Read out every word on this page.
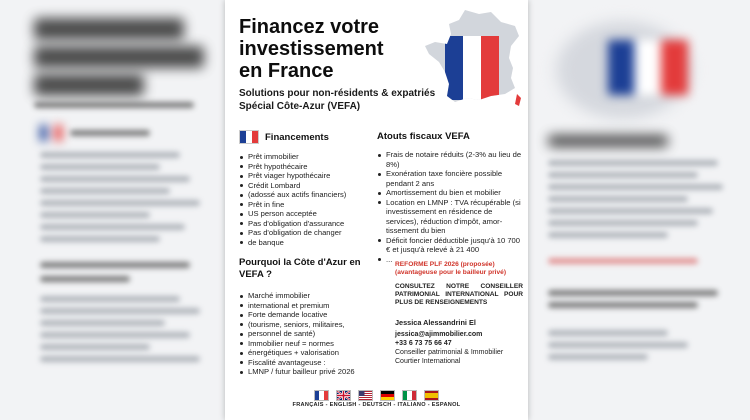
Financez votre
investissement
en France
Solutions pour non-résidents & expatriés
Spécial Côte-Azur (VEFA)
Financements
Prêt immobilier
Prêt hypothécaire
Prêt viager hypothécaire
Crédit Lombard
(adossé aux actifs financiers)
Prêt in fine
US person acceptée
Pas d'obligation d'assurance
Pas d'obligation de changer
de banque
Atouts fiscaux VEFA
Frais de notaire réduits (2-3% au lieu de 8%)
Exonération taxe foncière possible pendant 2 ans
Amortissement du bien et mobilier
Location en LMNP : TVA récupérable (si investissement en résidence de services), réduction d'impôt, amor-tissement du bien
Déficit foncier déductible jusqu'à 10 700 € et jusqu'à relevé à 21 400
...
Pourquoi la Côte d'Azur en VEFA ?
Marché immobilier
international et premium
Forte demande locative
(tourisme, seniors, militaires,
personnel de santé)
Immobilier neuf = normes
énergétiques + valorisation
Fiscalité avantageuse :
LMNP / futur bailleur privé 2026
REFORME PLF 2026 (proposée)
(avantageuse pour le bailleur privé)
CONSULTEZ NOTRE CONSEILLER PATRIMONIAL INTERNATIONAL POUR PLUS DE RENSEIGNEMENTS
Jessica Alessandrini El
jessica@ajimmobilier.com
+33 6 73 75 66 47
Conseiller patrimonial & Immobilier
Courtier International
FRANÇAIS - ENGLISH - DEUTSCH - ITALIANO - ESPANOL
